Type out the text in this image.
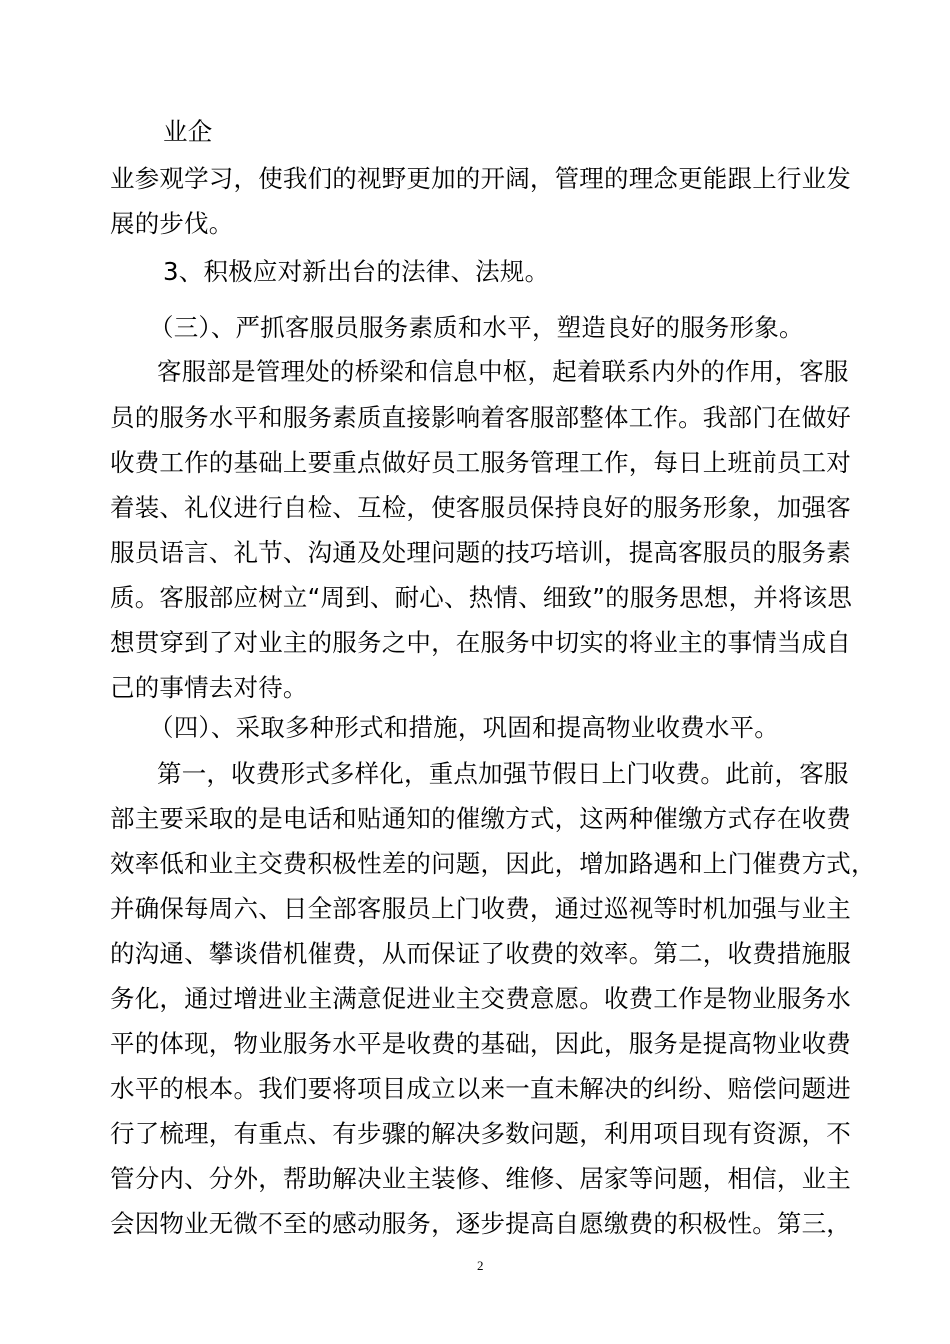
业企
业参观学习，使我们的视野更加的开阔，管理的理念更能跟上行业发
展的步伐。
3、积极应对新出台的法律、法规。
（三）、严抓客服员服务素质和水平，塑造良好的服务形象。
客服部是管理处的桥梁和信息中枢，起着联系内外的作用，客服
员的服务水平和服务素质直接影响着客服部整体工作。我部门在做好
收费工作的基础上要重点做好员工服务管理工作，每日上班前员工对
着装、礼仪进行自检、互检，使客服员保持良好的服务形象，加强客
服员语言、礼节、沟通及处理问题的技巧培训，提高客服员的服务素
质。客服部应树立“周到、耐心、热情、细致”的服务思想，并将该思
想贯穿到了对业主的服务之中，在服务中切实的将业主的事情当成自
己的事情去对待。
（四）、采取多种形式和措施，巩固和提高物业收费水平。
第一，收费形式多样化，重点加强节假日上门收费。此前，客服
部主要采取的是电话和贴通知的催缴方式，这两种催缴方式存在收费
效率低和业主交费积极性差的问题，因此，增加路遇和上门催费方式，
并确保每周六、日全部客服员上门收费，通过巡视等时机加强与业主
的沟通、攀谈借机催费，从而保证了收费的效率。第二，收费措施服
务化，通过增进业主满意促进业主交费意愿。收费工作是物业服务水
平的体现，物业服务水平是收费的基础，因此，服务是提高物业收费
水平的根本。我们要将项目成立以来一直未解决的纠纷、赔偿问题进
行了梳理，有重点、有步骤的解决多数问题，利用项目现有资源，不
管分内、分外，帮助解决业主装修、维修、居家等问题，相信，业主
会因物业无微不至的感动服务，逐步提高自愿缴费的积极性。第三，
2
